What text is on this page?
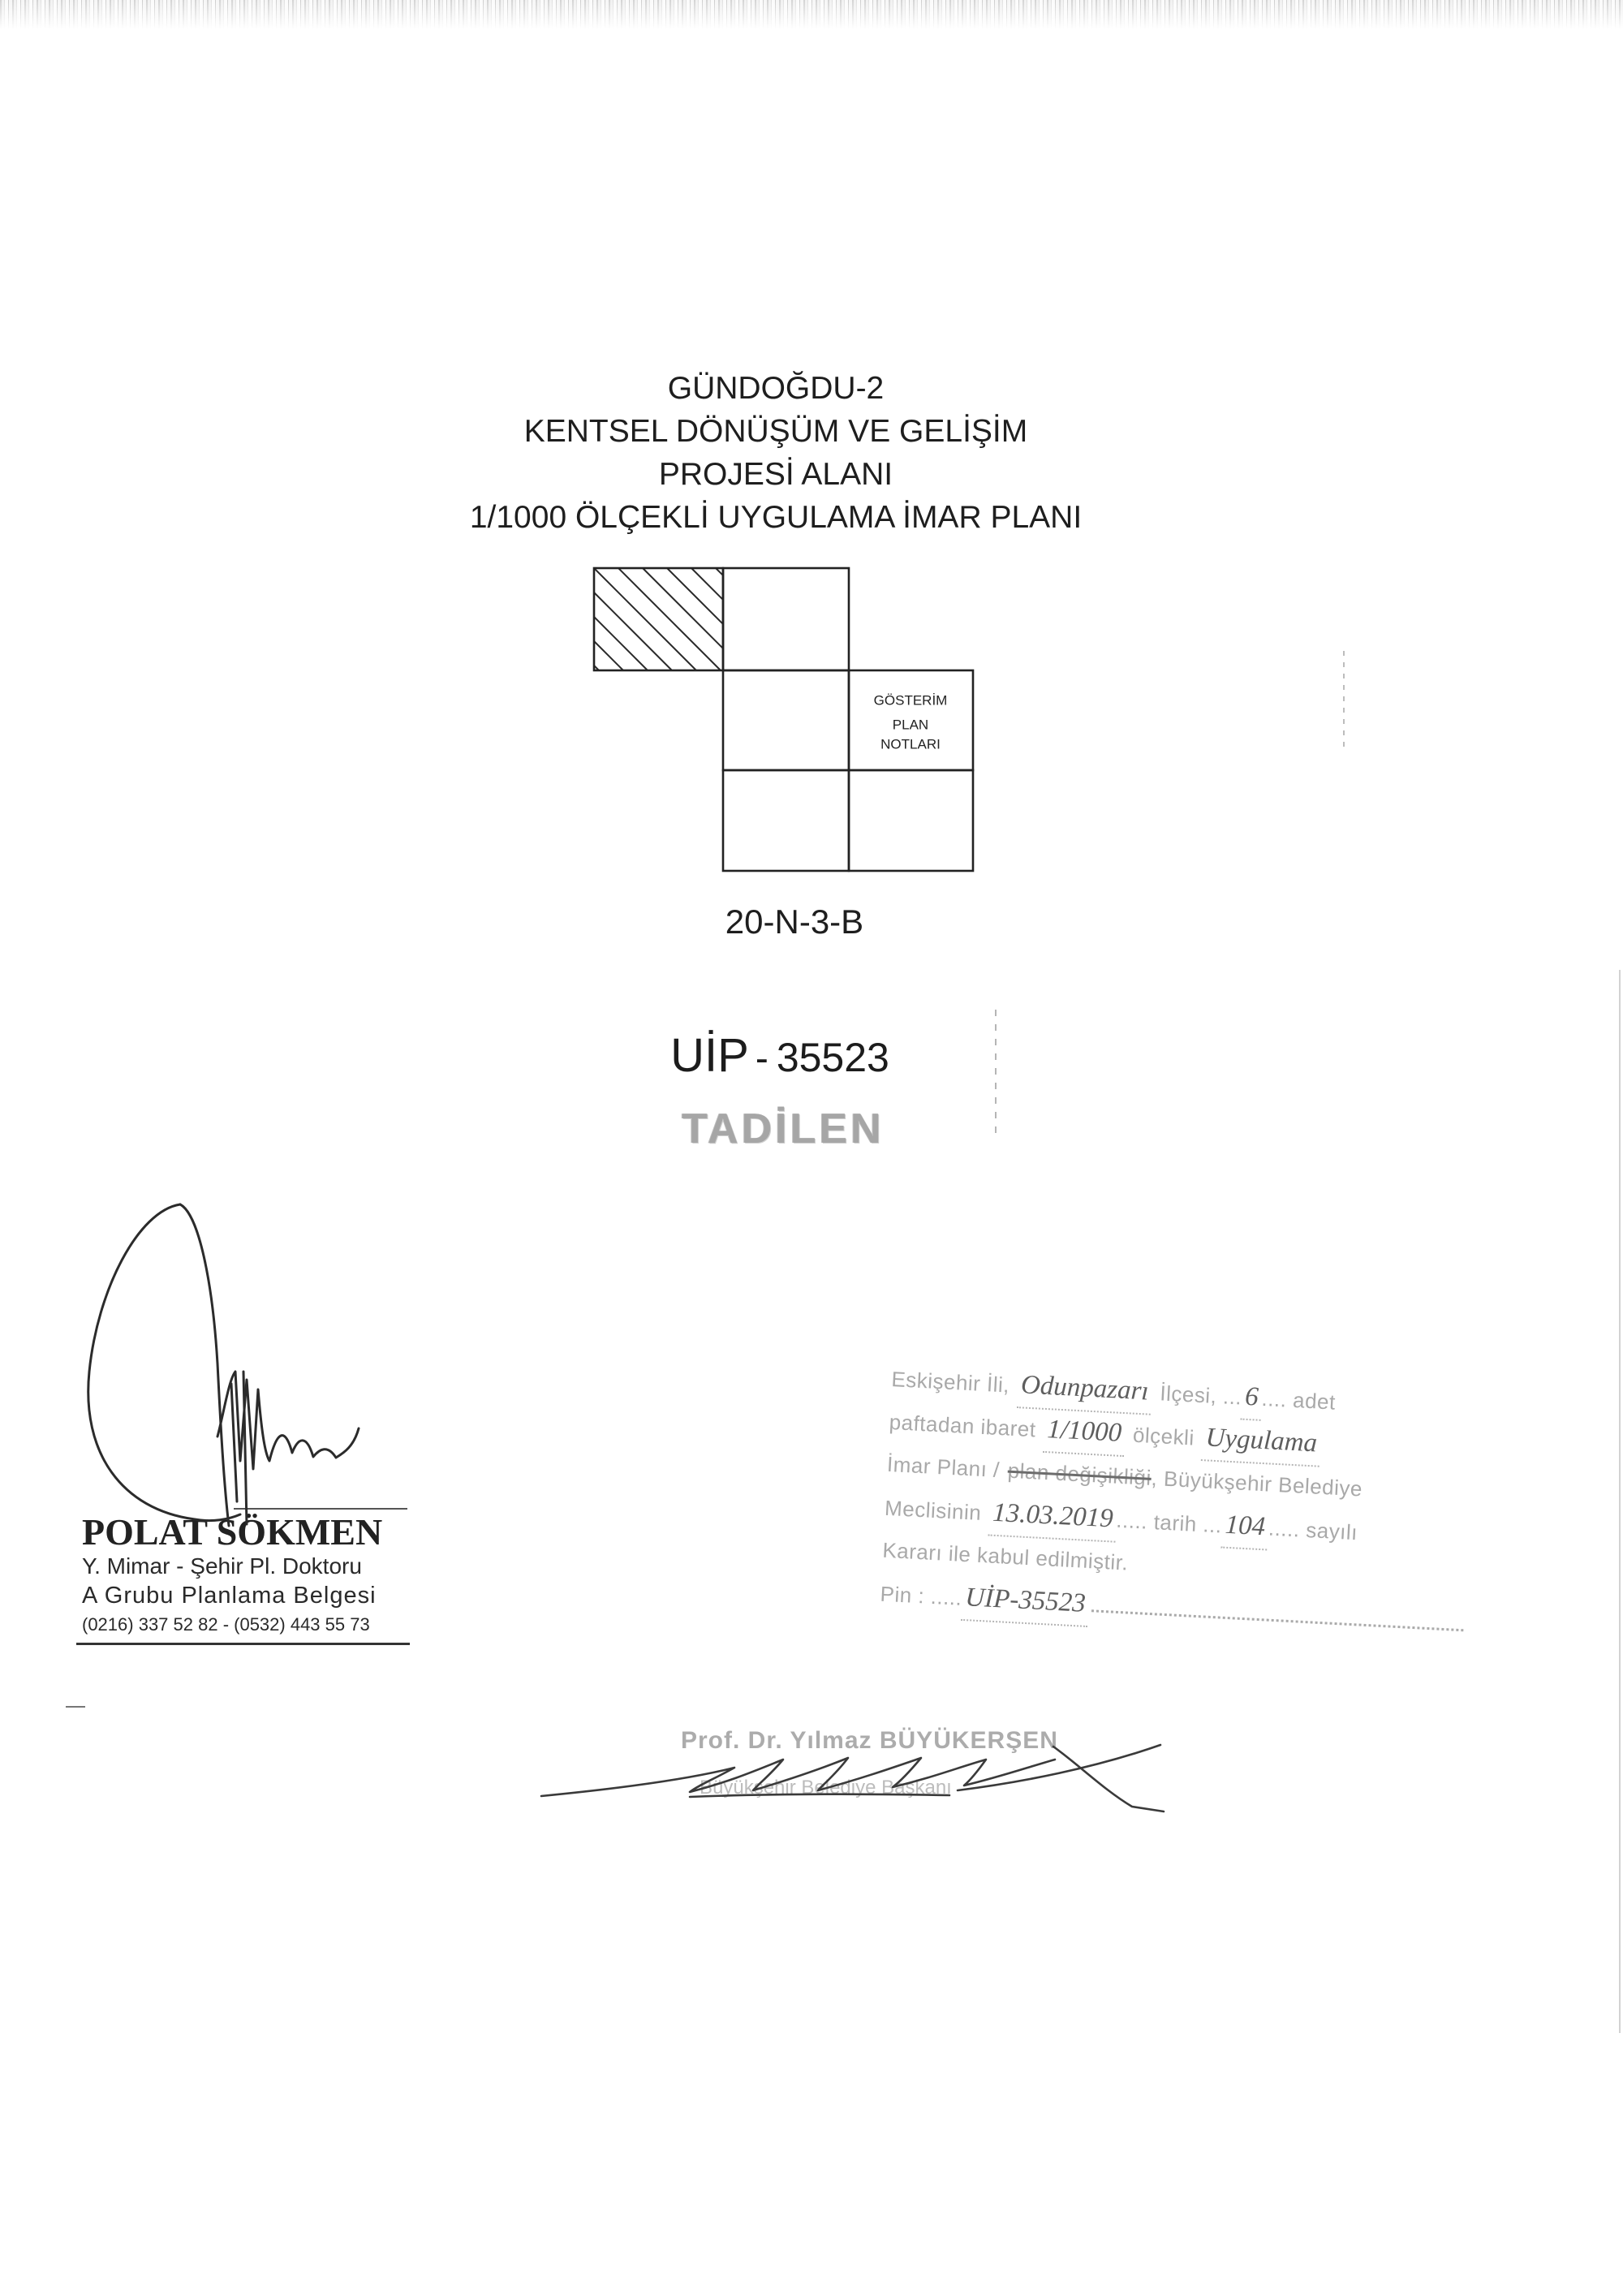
GÜNDOĞDU-2
KENTSEL DÖNÜŞÜM VE GELİŞİM
PROJESİ ALANI
1/1000 ÖLÇEKLİ UYGULAMA İMAR PLANI
GÖSTERİM
PLAN
NOTLARI
20-N-3-B
UİP - 35523
TADİLEN
POLAT SÖKMEN
Y. Mimar - Şehir Pl. Doktoru
A Grubu Planlama Belgesi
(0216) 337 52 82 - (0532) 443 55 73
Eskişehir İli, Odunpazarı İlçesi, ... 6 .... adet
paftadan ibaret 1/1000 ölçekli Uygulama
İmar Planı / plan değişikliği
, Büyükşehir Belediye
Meclisinin 13.03.2019 ..... tarih ... 104 ..... sayılı
Kararı ile kabul edilmiştir.
Pin : ..... UİP-35523
Prof. Dr. Yılmaz BÜYÜKERŞEN
Büyükşehir Belediye Başkanı
